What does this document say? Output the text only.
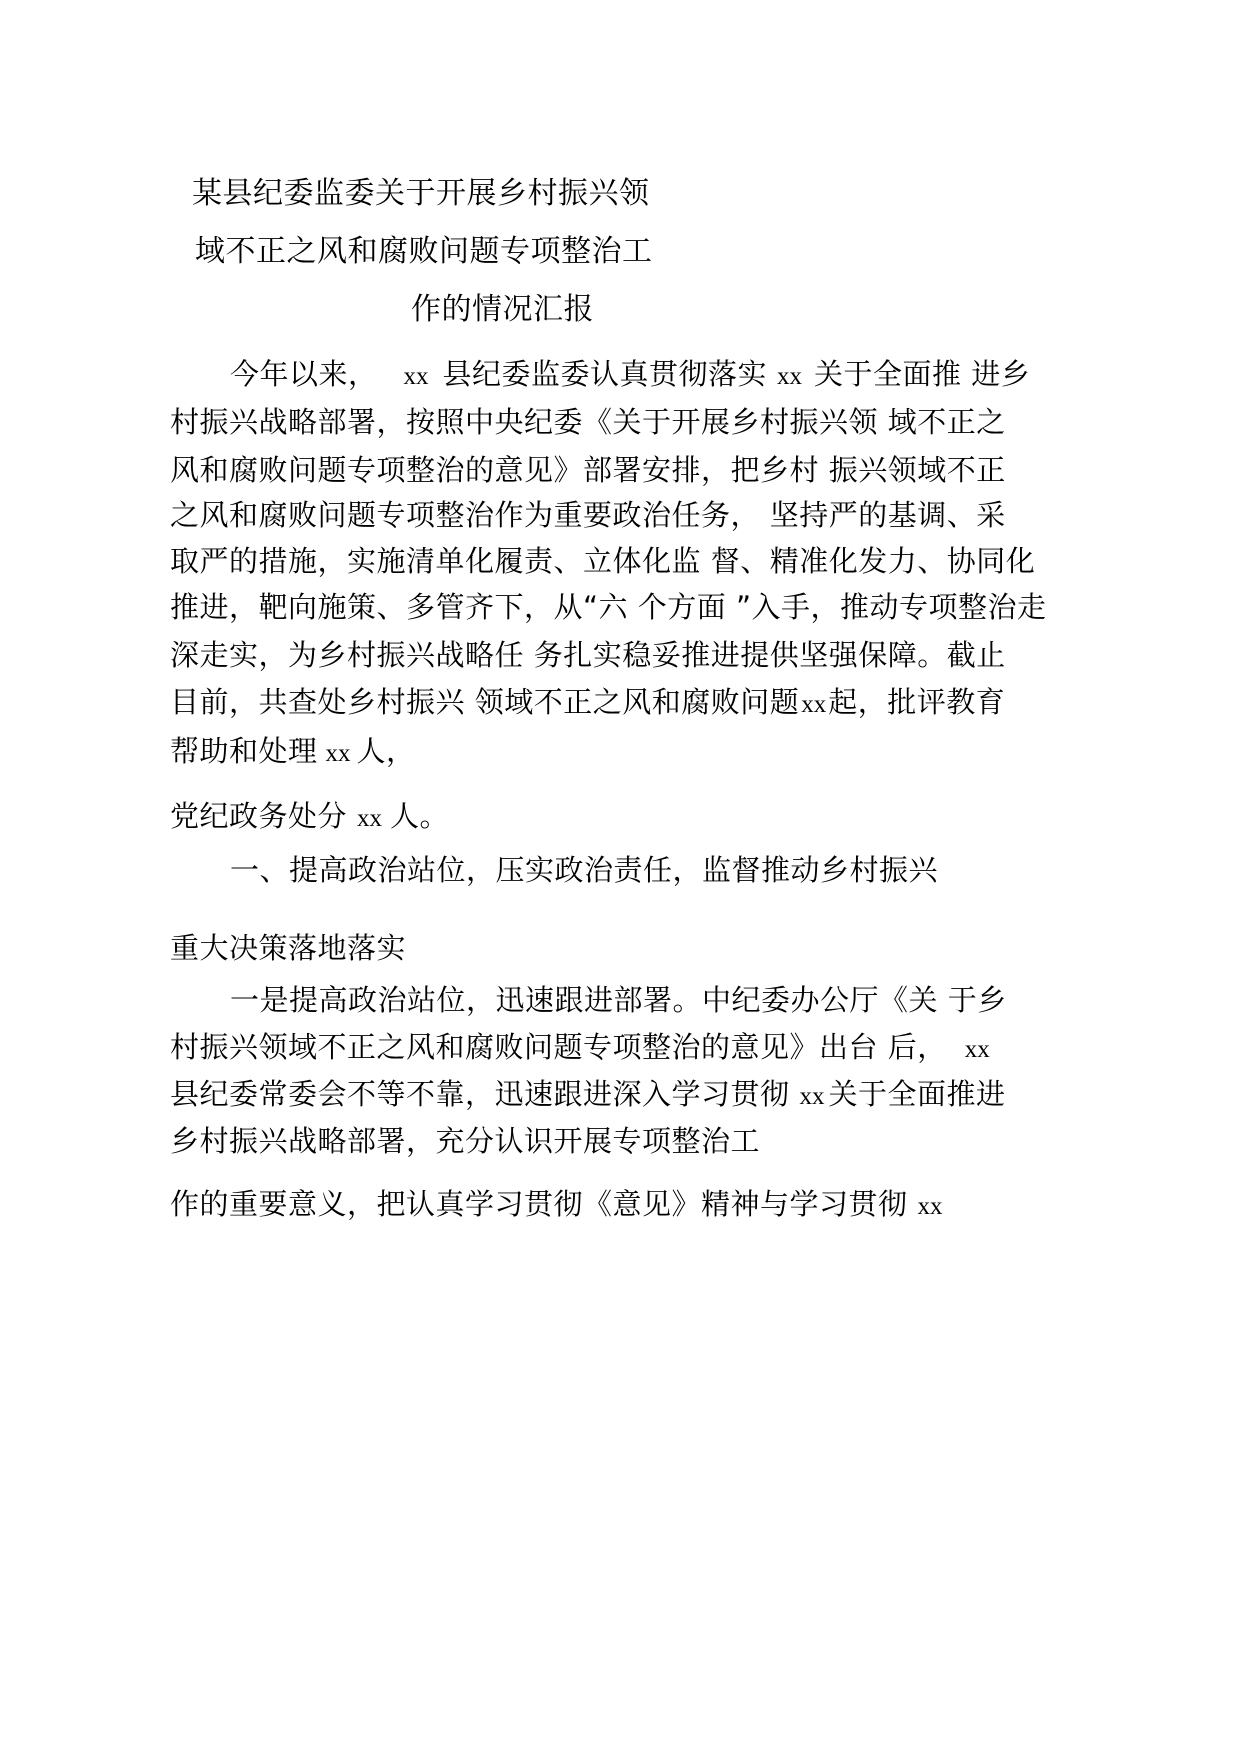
某县纪委监委关于开展乡村振兴领
域不正之风和腐败问题专项整治工
作的情况汇报
今年以来， xx 县纪委监委认真贯彻落实 xx 关于全面推 进乡
村振兴战略部署，按照中央纪委《关于开展乡村振兴领 域不正之
风和腐败问题专项整治的意见》部署安排，把乡村 振兴领域不正
之风和腐败问题专项整治作为重要政治任务， 坚持严的基调、采
取严的措施，实施清单化履责、立体化监 督、精准化发力、协同化
推进，靶向施策、多管齐下，从“六 个方面 ”入手，推动专项整治走
深走实，为乡村振兴战略任 务扎实稳妥推进提供坚强保障。截止
目前，共查处乡村振兴 领域不正之风和腐败问题xx起，批评教育
帮助和处理 xx 人，
党纪政务处分 xx 人。
一、提高政治站位，压实政治责任，监督推动乡村振兴
重大决策落地落实
一是提高政治站位，迅速跟进部署。中纪委办公厅《关 于乡
村振兴领域不正之风和腐败问题专项整治的意见》出台 后， xx
县纪委常委会不等不靠，迅速跟进深入学习贯彻 xx 关于全面推进
乡村振兴战略部署，充分认识开展专项整治工
作的重要意义，把认真学习贯彻《意见》精神与学习贯彻 xx
